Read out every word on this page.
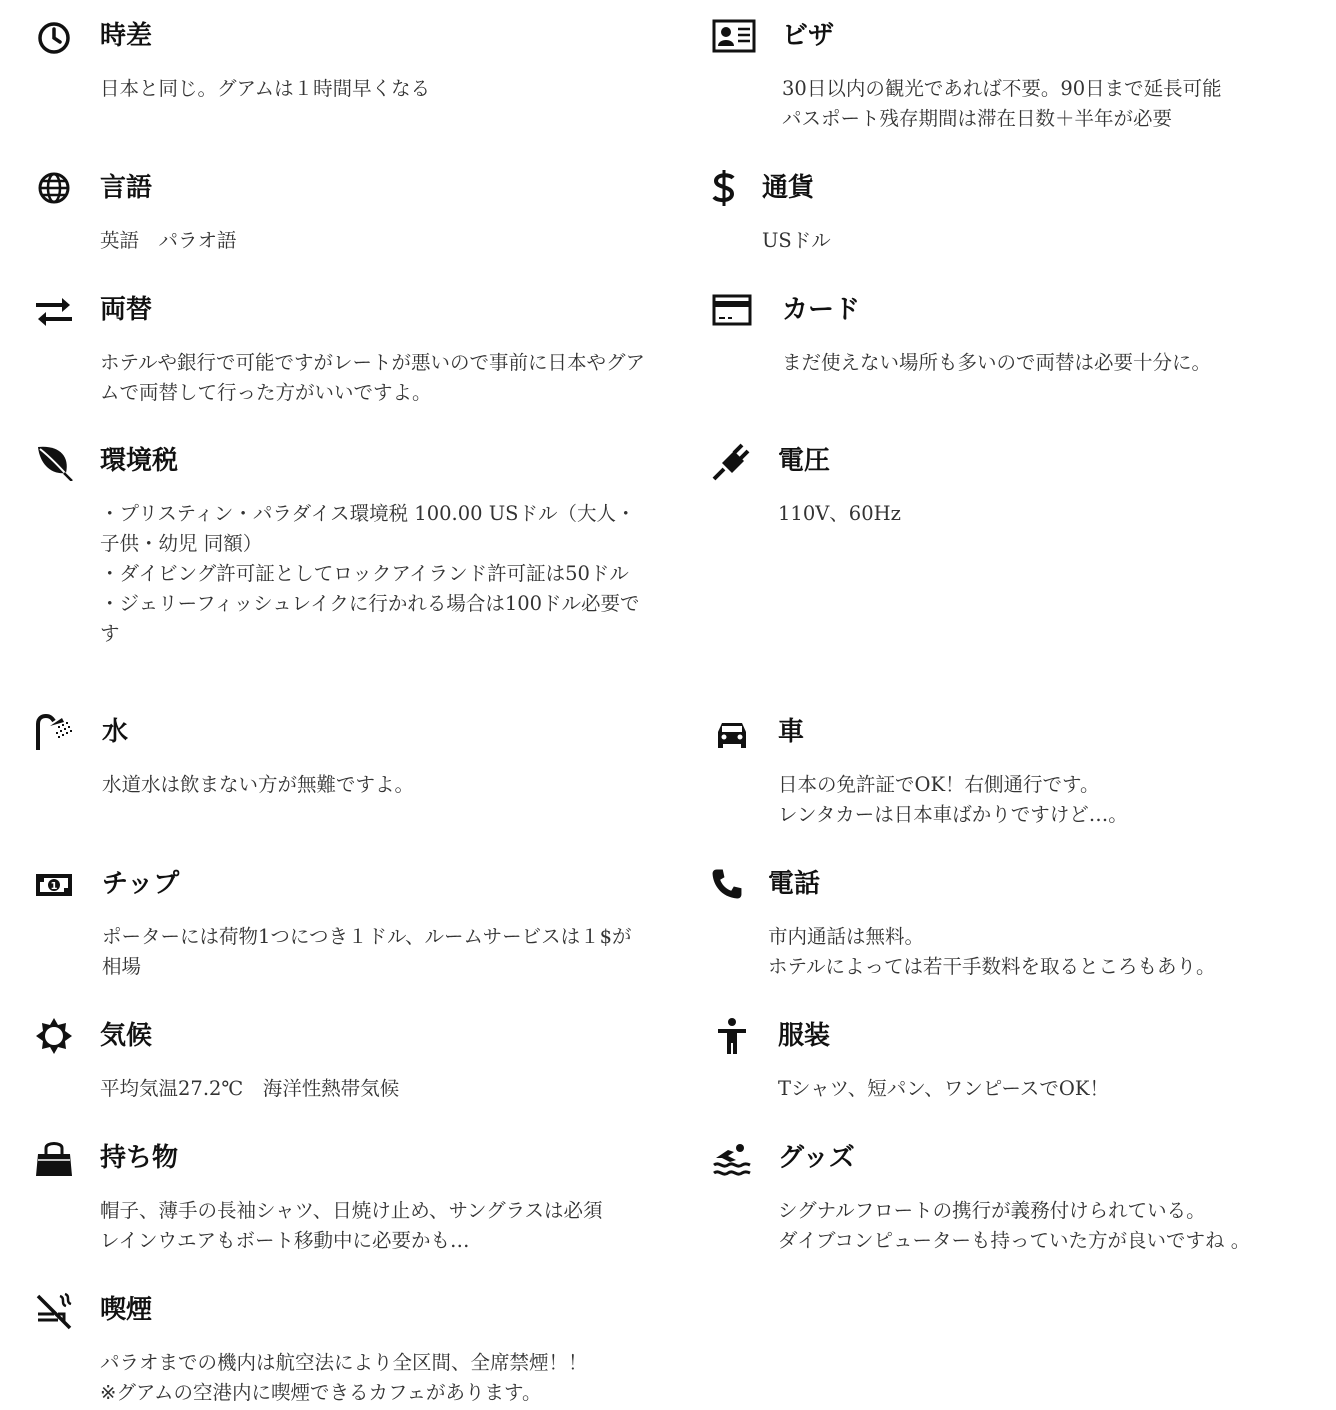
時差
日本と同じ。グアムは１時間早くなる
言語
英語　パラオ語
両替
ホテルや銀行で可能ですがレートが悪いので事前に日本やグアムで両替して行った方がいいですよ。
環境税
・プリスティン・パラダイス環境税 100.00 USドル（大人・子供・幼児 同額）
・ダイビング許可証としてロックアイランド許可証は50ドル
・ジェリーフィッシュレイクに行かれる場合は100ドル必要です
水
水道水は飲まない方が無難ですよ。
1 チップ
ポーターには荷物1つにつき１ドル、ルームサービスは１$が相場
気候
平均気温27.2℃　海洋性熱帯気候
持ち物
帽子、薄手の長袖シャツ、日焼け止め、サングラスは必須
レインウエアもボート移動中に必要かも…
喫煙
パラオまでの機内は航空法により全区間、全席禁煙！！
※グアムの空港内に喫煙できるカフェがあります。
ビザ
30日以内の観光であれば不要。90日まで延長可能
パスポート残存期間は滞在日数＋半年が必要
通貨
USドル
カード
まだ使えない場所も多いので両替は必要十分に。
電圧
110V、60Hz
車
日本の免許証でOK！右側通行です。
レンタカーは日本車ばかりですけど…。
電話
市内通話は無料。
ホテルによっては若干手数料を取るところもあり。
服装
Tシャツ、短パン、ワンピースでOK！
グッズ
シグナルフロートの携行が義務付けられている。
ダイブコンピューターも持っていた方が良いですね 。
